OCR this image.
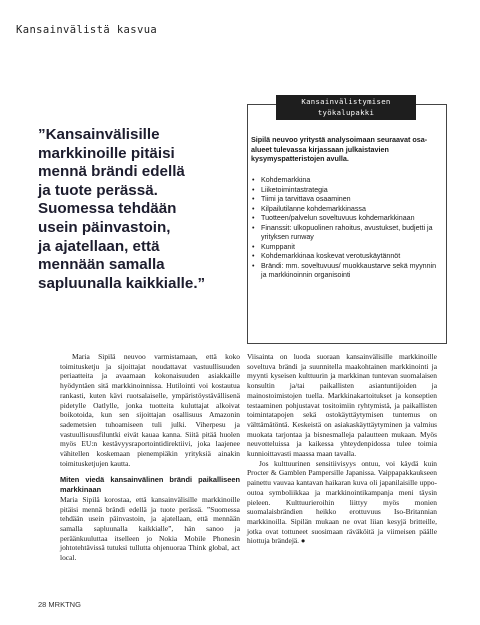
Kansainvälistä kasvua
”Kansainvälisille
markkinoille pitäisi
mennä brändi edellä
ja tuote perässä.
Suomessa tehdään
usein päinvastoin,
ja ajatellaan, että
mennään samalla
sapluunalla kaikkialle.”
Kansainvälistymisen
työkalupakki
Sipilä neuvoo yritystä analysoimaan seuraavat osa-alueet tulevassa kirjassaan julkaistavien kysymyspatteristojen avulla.
• Kohdemarkkina
• Liiketoimintastrategia
• Tiimi ja tarvittava osaaminen
• Kilpailutilanne kohdemarkkinassa
• Tuotteen/palvelun soveltuvuus kohdemarkkinaan
• Finanssit: ulkopuolinen rahoitus, avustukset, budjetti ja yrityksen runway
• Kumppanit
• Kohdemarkkinaa koskevat verotuskäytännöt
• Brändi: mm. soveltuvuus/ muokkaustarve sekä myynnin ja markkinoinnin organisointi

Maria Sipilä neuvoo varmistamaan, että koko toimitusketju ja sijoittajat noudattavat vastuullisuuden periaatteita ja avaamaan kokonaisuuden asiakkaille hyödyntäen sitä markkinoinnissa. Hutilointi voi kostautua rankasti, kuten kävi ruotsalaiselle, ympäristöystävällisenä pidetylle Oatlylle, jonka tuotteita kuluttajat alkoivat boikotoida, kun sen sijoittajan osallisuus Amazonin sademetsien tuhoamiseen tuli julki. Viherpesu ja vastuullisuusfiluntki eivät kauaa kanna. Siitä pitää huolen myös EU:n kestävyysraportointidirektiivi, joka laajenee vähitellen koskemaan pienempiäkin yrityksiä ainakin toimitusketjujen kautta.

Miten viedä kansainvälinen brändi paikalliseen markkinaan

Maria Sipilä korostaa, että kansainvälisille markkinoille pitäisi mennä brändi edellä ja tuote perässä. ”Suomessa tehdään usein päinvastoin, ja ajatellaan, että mennään samalla sapluunalla kaikkialle”, hän sanoo ja peräänkuuluttaa itselleen jo Nokia Mobile Phonesin johtotehtävissä tutuksi tullutta ohjenuoraa Think global, act local.

Viisainta on luoda suoraan kansainvälisille markkinoille soveltuva brändi ja suunnitella maakohtainen markkinointi ja myynti kyseisen kulttuurin ja markkinan tuntevan suomalaisen konsultin ja/tai paikallisten asiantuntijoiden ja mainostoimistojen tuella. Markkinakartoitukset ja konseptien testaaminen pohjustavat tositoimiin ryhtymistä, ja paikallisten toimintatapojen sekä ostokäyttäytymisen tuntemus on välttämätöntä. Keskeistä on asiakaskäyttäytyminen ja valmius muokata tarjontaa ja bisnesmalleja palautteen mukaan. Myös neuvotteluissa ja kaikessa yhteydenpidossa tulee toimia kunnioittavasti maassa maan tavalla.

Jos kulttuurinen sensitiivisyys ontuu, voi käydä kuin Procter & Gamblen Pampersille Japanissa. Vaippapakkaukseen painettu vauvaa kantavan haikaran kuva oli japanilaisille uppo-outoa symboliikkaa ja markkinointikampanja meni täysin pieleen. Kulttuurieroihin liittyy myös monien suomalaisbrändien heikko erottuvuus Iso-Britannian markkinoilla. Sipilän mukaan ne ovat liian kesyjä britteille, jotka ovat tottuneet suosimaan räväköitä ja viimeisen päälle hiottuja brändejä. ●

28 MRKTNG
